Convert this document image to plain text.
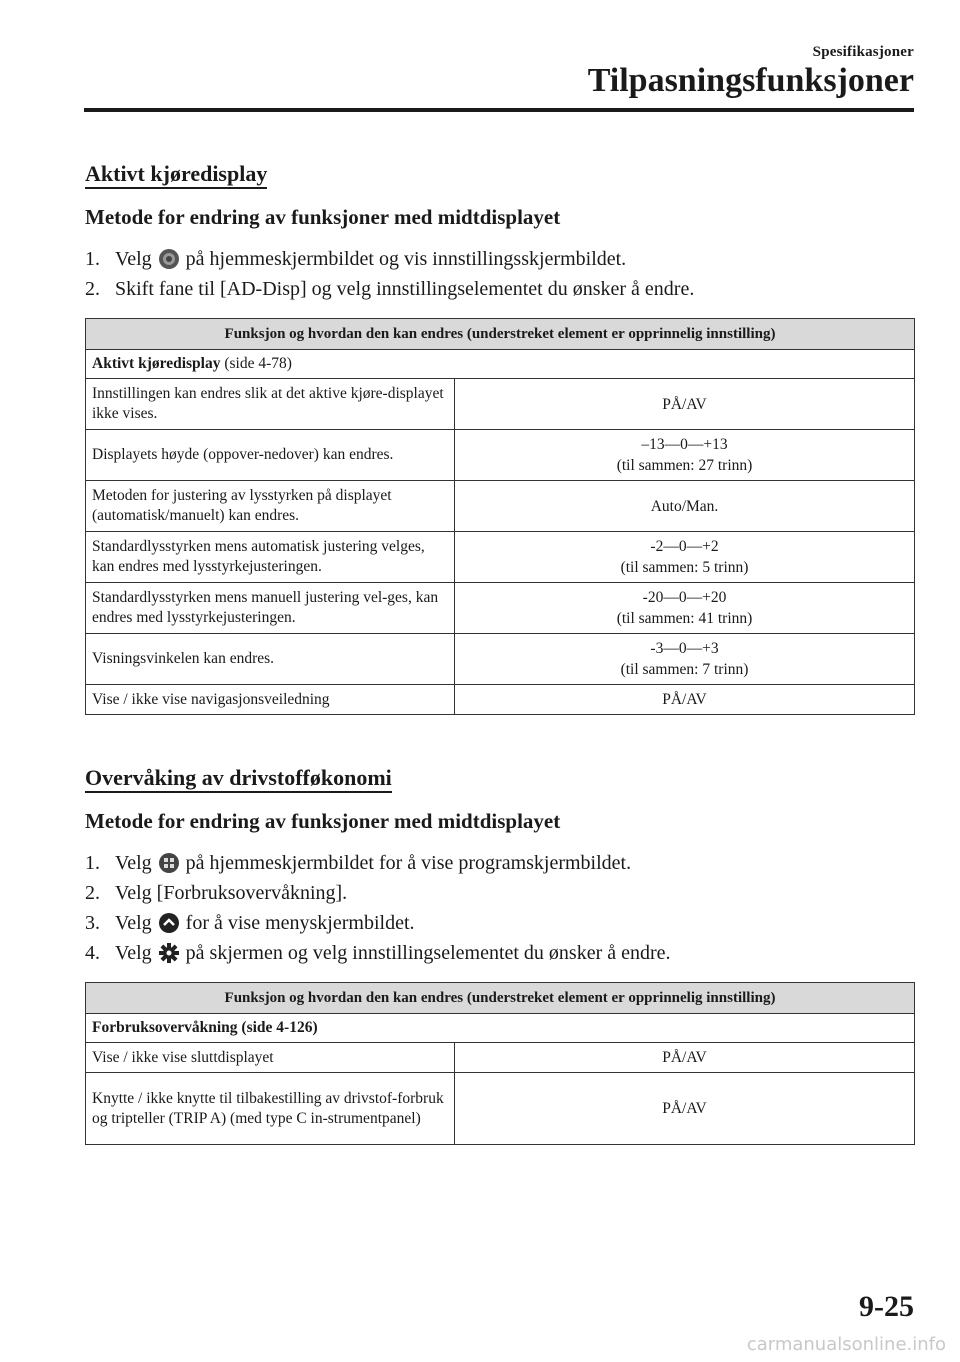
Spesifikasjoner
Tilpasningsfunksjoner
Aktivt kjøredisplay
Metode for endring av funksjoner med midtdisplayet
1. Velg på hjemmeskjermbildet og vis innstillingsskjermbildet.
2. Skift fane til [AD-Disp] og velg innstillingselementet du ønsker å endre.
Funksjon og hvordan den kan endres (understreket element er opprinnelig innstilling)	
Aktivt kjøredisplay (side 4-78)	
Innstillingen kan endres slik at det aktive kjøre-displayet ikke vises.	PÅ/AV
Displayets høyde (oppover-nedover) kan endres.	–13—0—+13
(til sammen: 27 trinn)

Metoden for justering av lysstyrken på displayet (automatisk/manuelt) kan endres.	Auto/Man.
Standardlysstyrken mens automatisk justering velges, kan endres med lysstyrkejusteringen.	-2—0—+2
(til sammen: 5 trinn)

Standardlysstyrken mens manuell justering vel-ges, kan endres med lysstyrkejusteringen.	-20—0—+20
(til sammen: 41 trinn)

Visningsvinkelen kan endres.	-3—0—+3
(til sammen: 7 trinn)

Vise / ikke vise navigasjonsveiledning	PÅ/AV
Overvåking av drivstofføkonomi
Metode for endring av funksjoner med midtdisplayet
1. Velg på hjemmeskjermbildet for å vise programskjermbildet.
2. Velg [Forbruksovervåkning].
3. Velg for å vise menyskjermbildet.
4. Velg på skjermen og velg innstillingselementet du ønsker å endre.
Funksjon og hvordan den kan endres (understreket element er opprinnelig innstilling)	
Forbruksovervåkning (side 4-126)	
Vise / ikke vise sluttdisplayet	PÅ/AV
Knytte / ikke knytte til tilbakestilling av drivstof-forbruk og tripteller (TRIP A) (med type C in-strumentpanel)	PÅ/AV
9-25
carmanualsonline.info
